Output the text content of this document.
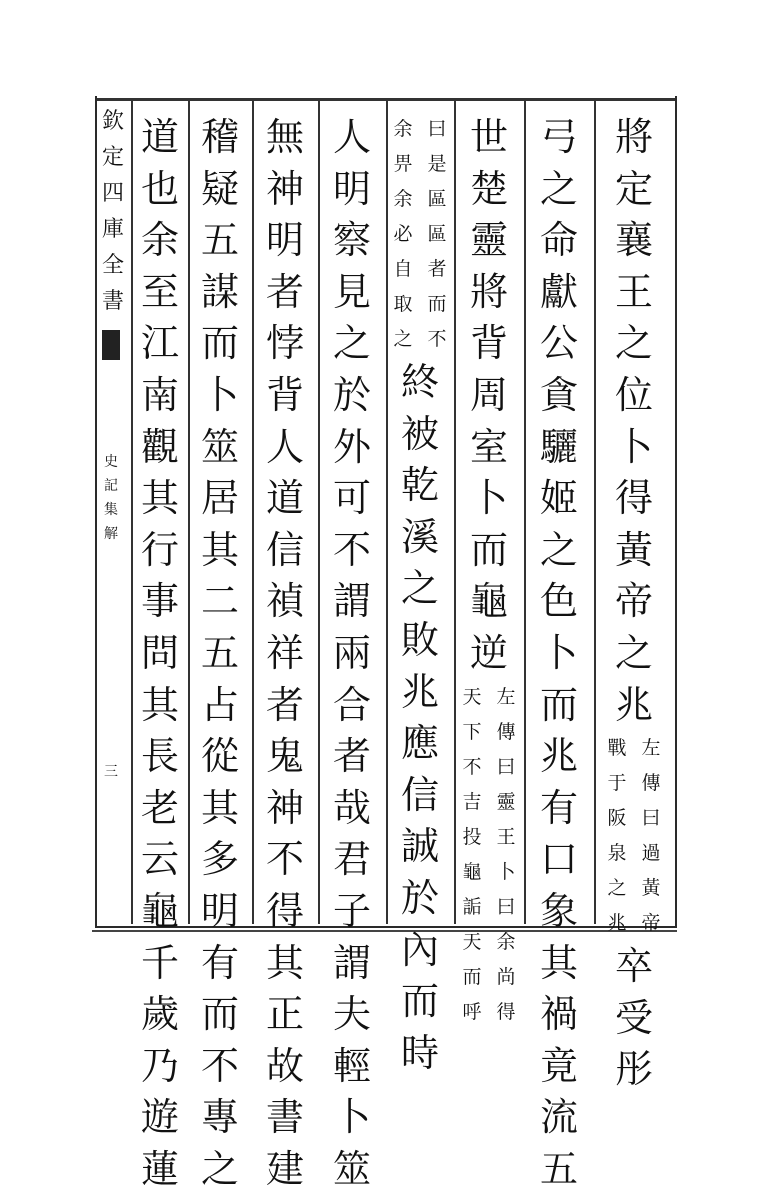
欽
定
四
庫
全
書
史
記
集
解
三
將
定
襄
王
之
位
卜
得
黃
帝
之
兆
左
傳
曰
過
黃
帝
戰
于
阪
泉
之
兆
卒
受
彤
弓
之
命
獻
公
貪
驪
姬
之
色
卜
而
兆
有
口
象
其
禍
竟
流
五
世
楚
靈
將
背
周
室
卜
而
龜
逆
左
傳
曰
靈
王
卜
曰
余
尚
得
天
下
不
吉
投
龜
詬
天
而
呼
曰
是
區
區
者
而
不
余
畀
余
必
自
取
之
終
被
乾
溪
之
敗
兆
應
信
誠
於
內
而
時
人
明
察
見
之
於
外
可
不
謂
兩
合
者
哉
君
子
謂
夫
輕
卜
筮
無
神
明
者
悖
背
人
道
信
禎
祥
者
鬼
神
不
得
其
正
故
書
建
稽
疑
五
謀
而
卜
筮
居
其
二
五
占
從
其
多
明
有
而
不
專
之
道
也
余
至
江
南
觀
其
行
事
問
其
長
老
云
龜
千
歲
乃
遊
蓮
